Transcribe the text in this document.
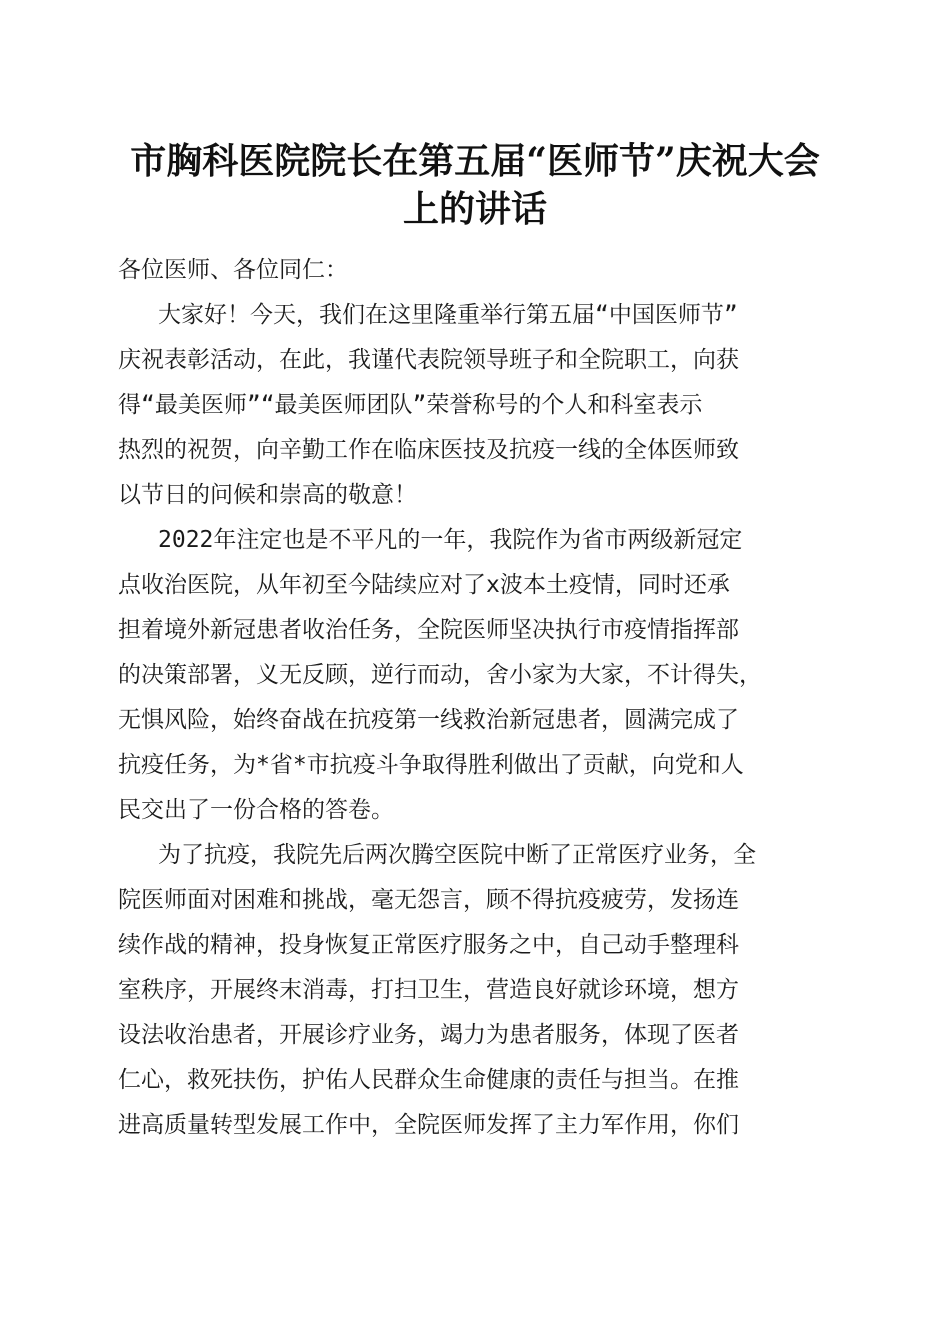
市胸科医院院长在第五届“医师节”庆祝大会
上的讲话
各位医师、各位同仁：
大家好！今天，我们在这里隆重举行第五届“中国医师节”
庆祝表彰活动，在此，我谨代表院领导班子和全院职工，向获
得“最美医师”“最美医师团队”荣誉称号的个人和科室表示
热烈的祝贺，向辛勤工作在临床医技及抗疫一线的全体医师致
以节日的问候和崇高的敬意！
2022年注定也是不平凡的一年，我院作为省市两级新冠定
点收治医院，从年初至今陆续应对了x波本土疫情，同时还承
担着境外新冠患者收治任务，全院医师坚决执行市疫情指挥部
的决策部署，义无反顾，逆行而动，舍小家为大家，不计得失，
无惧风险，始终奋战在抗疫第一线救治新冠患者，圆满完成了
抗疫任务，为*省*市抗疫斗争取得胜利做出了贡献，向党和人
民交出了一份合格的答卷。
为了抗疫，我院先后两次腾空医院中断了正常医疗业务，全
院医师面对困难和挑战，毫无怨言，顾不得抗疫疲劳，发扬连
续作战的精神，投身恢复正常医疗服务之中，自己动手整理科
室秩序，开展终末消毒，打扫卫生，营造良好就诊环境，想方
设法收治患者，开展诊疗业务，竭力为患者服务，体现了医者
仁心，救死扶伤，护佑人民群众生命健康的责任与担当。在推
进高质量转型发展工作中，全院医师发挥了主力军作用，你们
